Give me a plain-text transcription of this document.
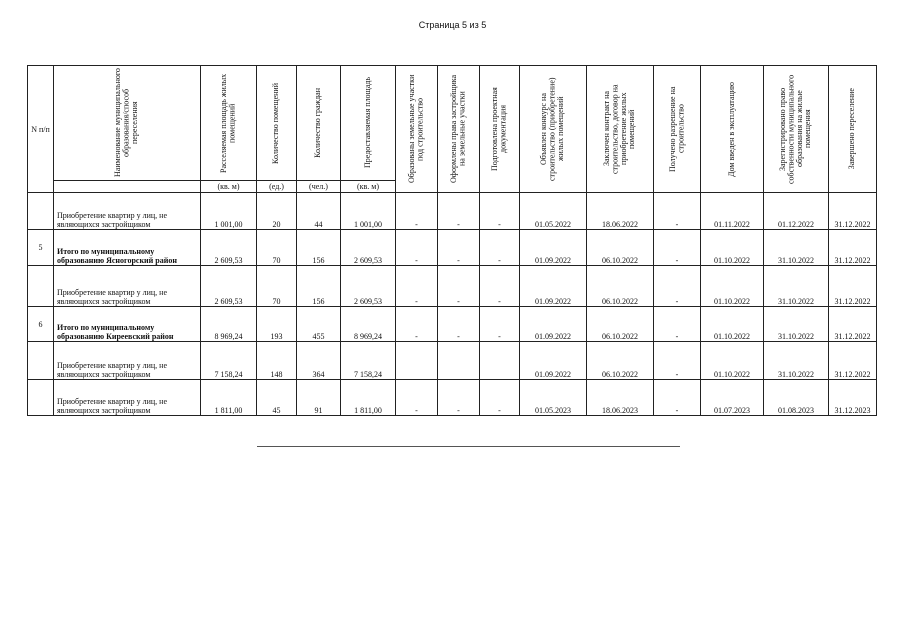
Страница 5 из 5
N п/п	Наименование муниципального образования/способ переселения	Расселяемая площадь жилых помещений	Количество помещений	Количество граждан	Предоставляемая площадь	Образованы земельные участки под строительство	Оформлены права застройщика на земельные участки	Подготовлена проектная документация	Объявлен конкурс на строительство (приобретение) жилых помещений	Заключен контракт на строительство, договор на приобретение жилых помещений	Получено разрешение на строительство	Дом введен в эксплуатацию	Зарегистрировано право собственности муниципального образования на жилые помещения	Завершено переселение

		(кв. м)	(ед.)	(чел.)	(кв. м)									
	Приобретение квартир у лиц, не являющихся застройщиком	1 001,00	20	44	1 001,00	-	-	-	01.05.2022	18.06.2022	-	01.11.2022	01.12.2022	31.12.2022
5	Итого по муниципальному образованию Ясногорский район	2 609,53	70	156	2 609,53	-	-	-	01.09.2022	06.10.2022	-	01.10.2022	31.10.2022	31.12.2022
	Приобретение квартир у лиц, не являющихся застройщиком	2 609,53	70	156	2 609,53	-	-	-	01.09.2022	06.10.2022	-	01.10.2022	31.10.2022	31.12.2022
6	Итого по муниципальному образованию Киреевский район	8 969,24	193	455	8 969,24	-	-	-	01.09.2022	06.10.2022	-	01.10.2022	31.10.2022	31.12.2022
	Приобретение квартир у лиц, не являющихся застройщиком	7 158,24	148	364	7 158,24				01.09.2022	06.10.2022	-	01.10.2022	31.10.2022	31.12.2022
	Приобретение квартир у лиц, не являющихся застройщиком	1 811,00	45	91	1 811,00	-	-	-	01.05.2023	18.06.2023	-	01.07.2023	01.08.2023	31.12.2023
